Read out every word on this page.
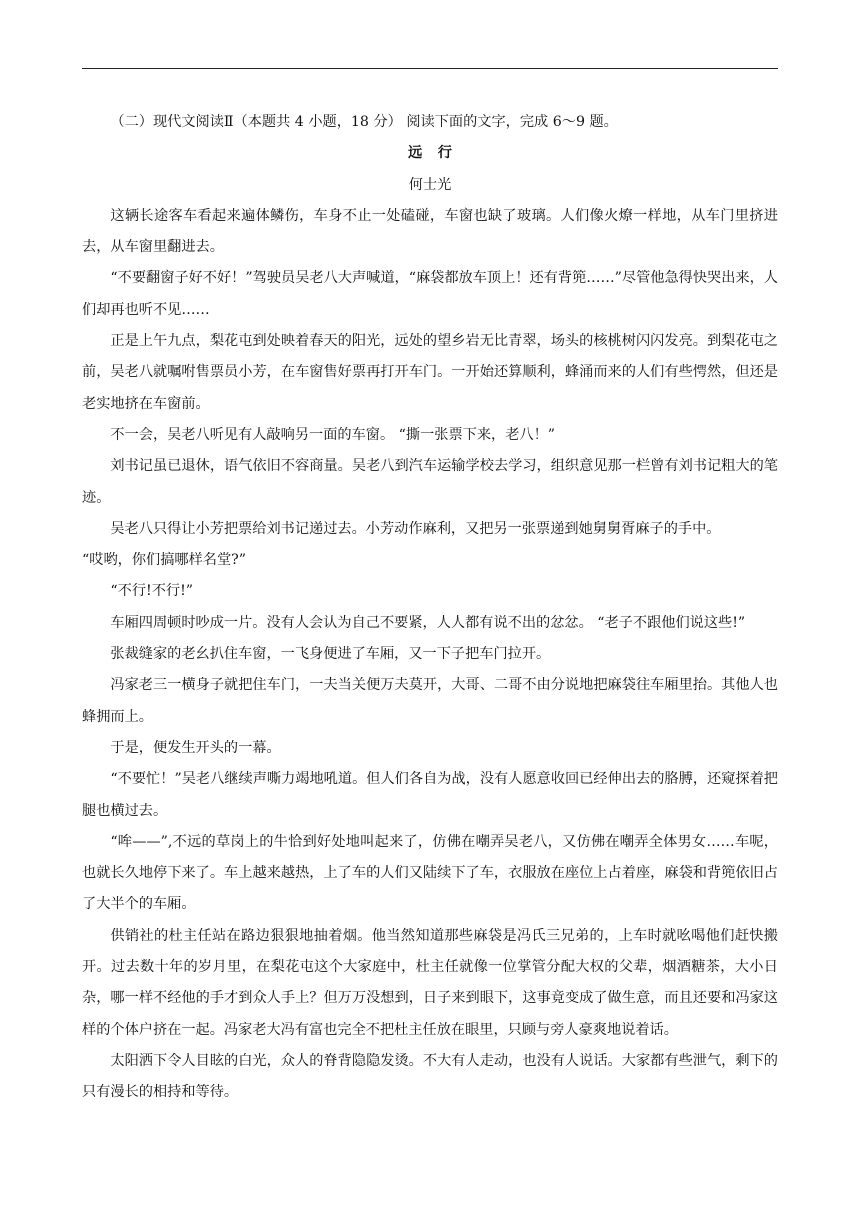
（二）现代文阅读Ⅱ（本题共 4 小题，18 分） 阅读下面的文字，完成 6～9 题。

远行

何士光

这辆长途客车看起来遍体鳞伤，车身不止一处磕碰，车窗也缺了玻璃。人们像火燎一样地，从车门里挤进去，从车窗里翻进去。

“不要翻窗子好不好！”驾驶员吴老八大声喊道，“麻袋都放车顶上！还有背篼……”尽管他急得快哭出来，人们却再也听不见……

正是上午九点，梨花屯到处映着春天的阳光，远处的望乡岩无比青翠，场头的核桃树闪闪发亮。到梨花屯之前，吴老八就嘱咐售票员小芳，在车窗售好票再打开车门。一开始还算顺利，蜂涌而来的人们有些愕然，但还是老实地挤在车窗前。

不一会，吴老八听见有人敲响另一面的车窗。 “撕一张票下来，老八！”

刘书记虽已退休，语气依旧不容商量。吴老八到汽车运输学校去学习，组织意见那一栏曾有刘书记粗大的笔迹。

吴老八只得让小芳把票给刘书记递过去。小芳动作麻利，又把另一张票递到她舅舅胥麻子的手中。

“哎哟，你们搞哪样名堂?”

“不行!不行!”

车厢四周顿时吵成一片。没有人会认为自己不要紧，人人都有说不出的忿忿。 “老子不跟他们说这些!”

张裁缝家的老幺扒住车窗，一飞身便进了车厢，又一下子把车门拉开。

冯家老三一横身子就把住车门，一夫当关便万夫莫开，大哥、二哥不由分说地把麻袋往车厢里抬。其他人也蜂拥而上。

于是，便发生开头的一幕。

“不要忙！”吴老八继续声嘶力竭地吼道。但人们各自为战，没有人愿意收回已经伸出去的胳膊，还窥探着把腿也横过去。

“哞——”,不远的草岗上的牛恰到好处地叫起来了，仿佛在嘲弄吴老八，又仿佛在嘲弄全体男女……车呢，也就长久地停下来了。车上越来越热，上了车的人们又陆续下了车，衣服放在座位上占着座，麻袋和背篼依旧占了大半个的车厢。

供销社的杜主任站在路边狠狠地抽着烟。他当然知道那些麻袋是冯氏三兄弟的，上车时就吆喝他们赶快搬开。过去数十年的岁月里，在梨花屯这个大家庭中，杜主任就像一位掌管分配大权的父辈，烟酒糖茶，大小日杂，哪一样不经他的手才到众人手上？但万万没想到，日子来到眼下，这事竟变成了做生意，而且还要和冯家这样的个体户挤在一起。冯家老大冯有富也完全不把杜主任放在眼里，只顾与旁人豪爽地说着话。

太阳洒下令人目眩的白光，众人的脊背隐隐发烫。不大有人走动，也没有人说话。大家都有些泄气，剩下的只有漫长的相持和等待。
